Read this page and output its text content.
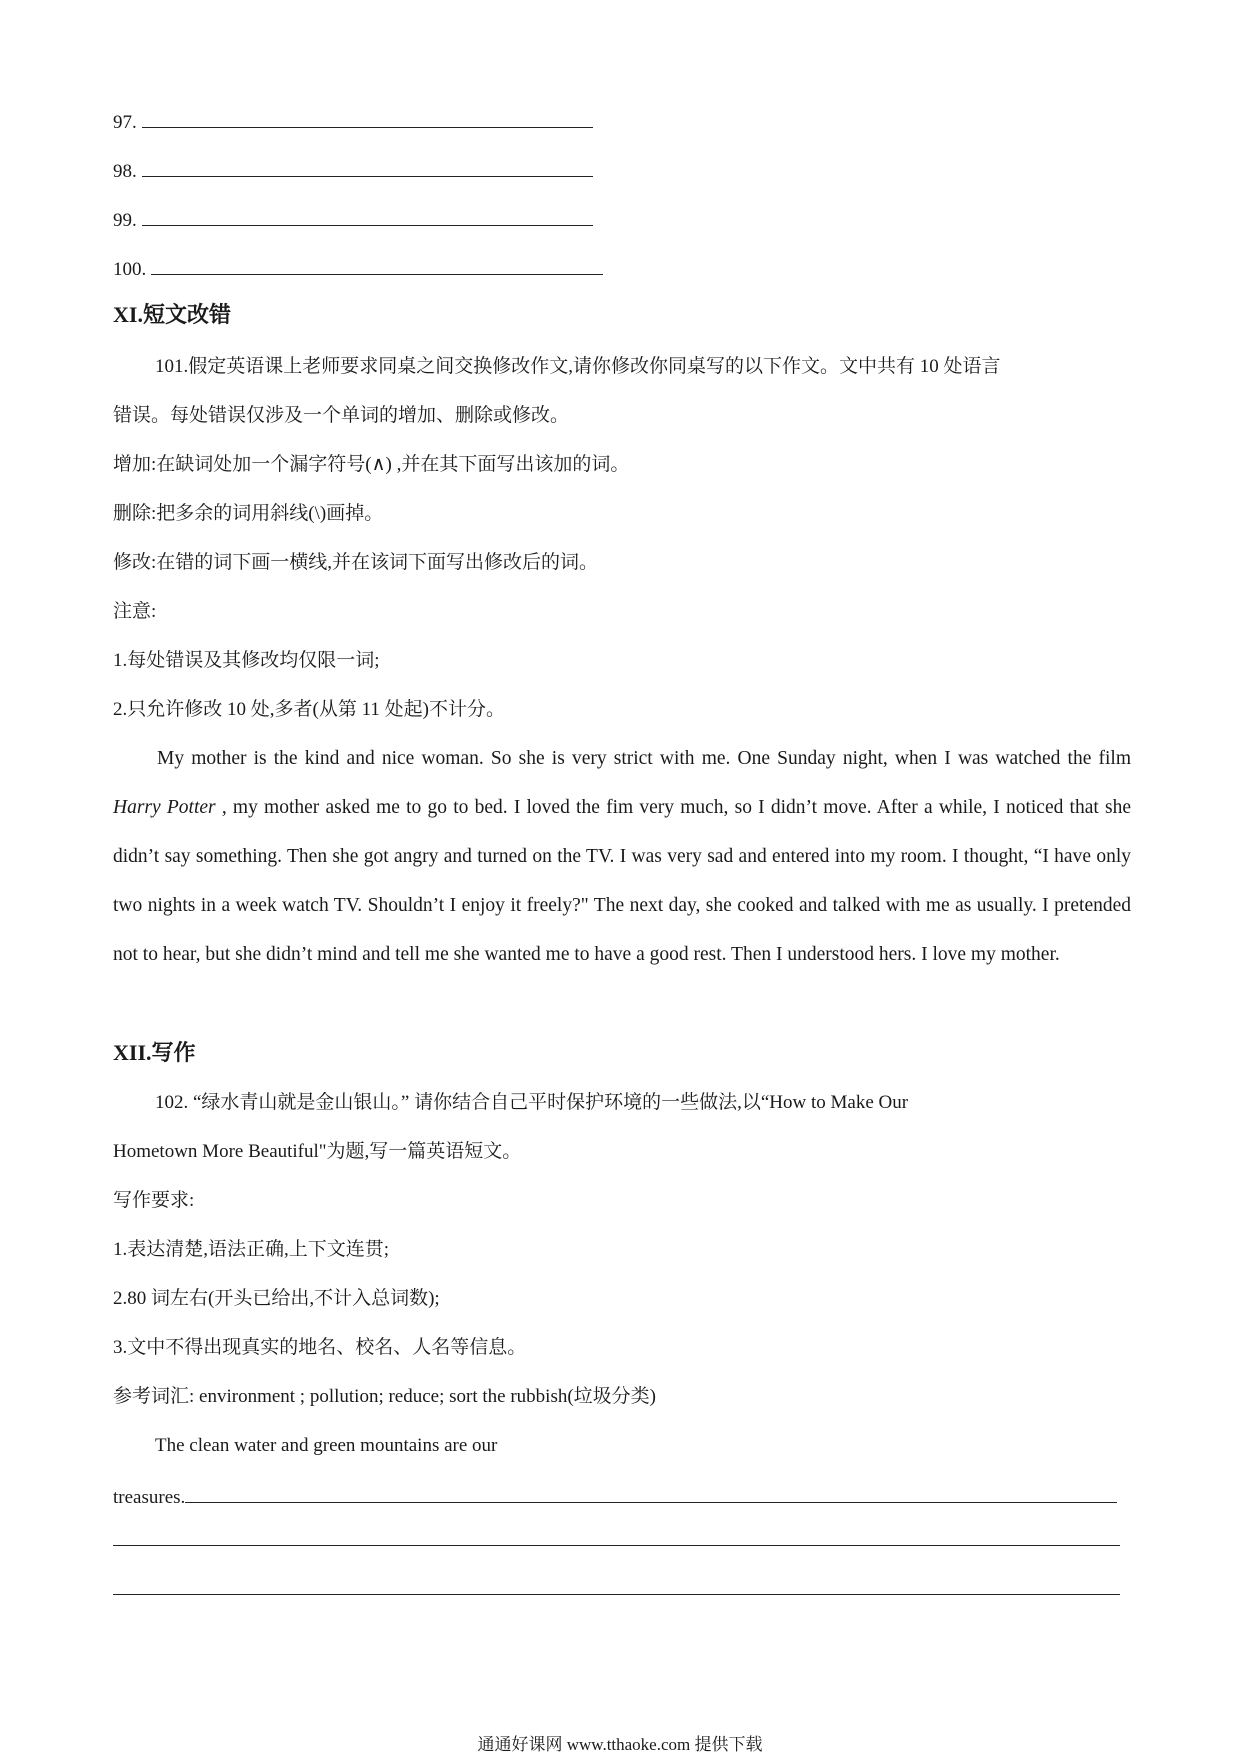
97.
98.
99.
100.
XI.短文改错
101.假定英语课上老师要求同桌之间交换修改作文,请你修改你同桌写的以下作文。文中共有 10 处语言
错误。每处错误仅涉及一个单词的增加、删除或修改。
增加:在缺词处加一个漏字符号(∧) ,并在其下面写出该加的词。
删除:把多余的词用斜线(\)画掉。
修改:在错的词下画一横线,并在该词下面写出修改后的词。
注意:
1.每处错误及其修改均仅限一词;
2.只允许修改 10 处,多者(从第 11 处起)不计分。
My mother is the kind and nice woman. So she is very strict with me. One Sunday night, when I was watched the film Harry Potter , my mother asked me to go to bed. I loved the fim very much, so I didn’t move. After a while, I noticed that she didn’t say something. Then she got angry and turned on the TV. I was very sad and entered into my room. I thought, “I have only two nights in a week watch TV. Shouldn’t I enjoy it freely?" The next day, she cooked and talked with me as usually. I pretended not to hear, but she didn’t mind and tell me she wanted me to have a good rest. Then I understood hers. I love my mother.
XII.写作
102. “绿水青山就是金山银山。” 请你结合自己平时保护环境的一些做法,以“How to Make Our
Hometown More Beautiful"为题,写一篇英语短文。
写作要求:
1.表达清楚,语法正确,上下文连贯;
2.80 词左右(开头已给出,不计入总词数);
3.文中不得出现真实的地名、校名、人名等信息。
参考词汇: environment ; pollution; reduce; sort the rubbish(垃圾分类)
The clean water and green mountains are our
treasures.
通通好课网 www.tthaoke.com 提供下载
